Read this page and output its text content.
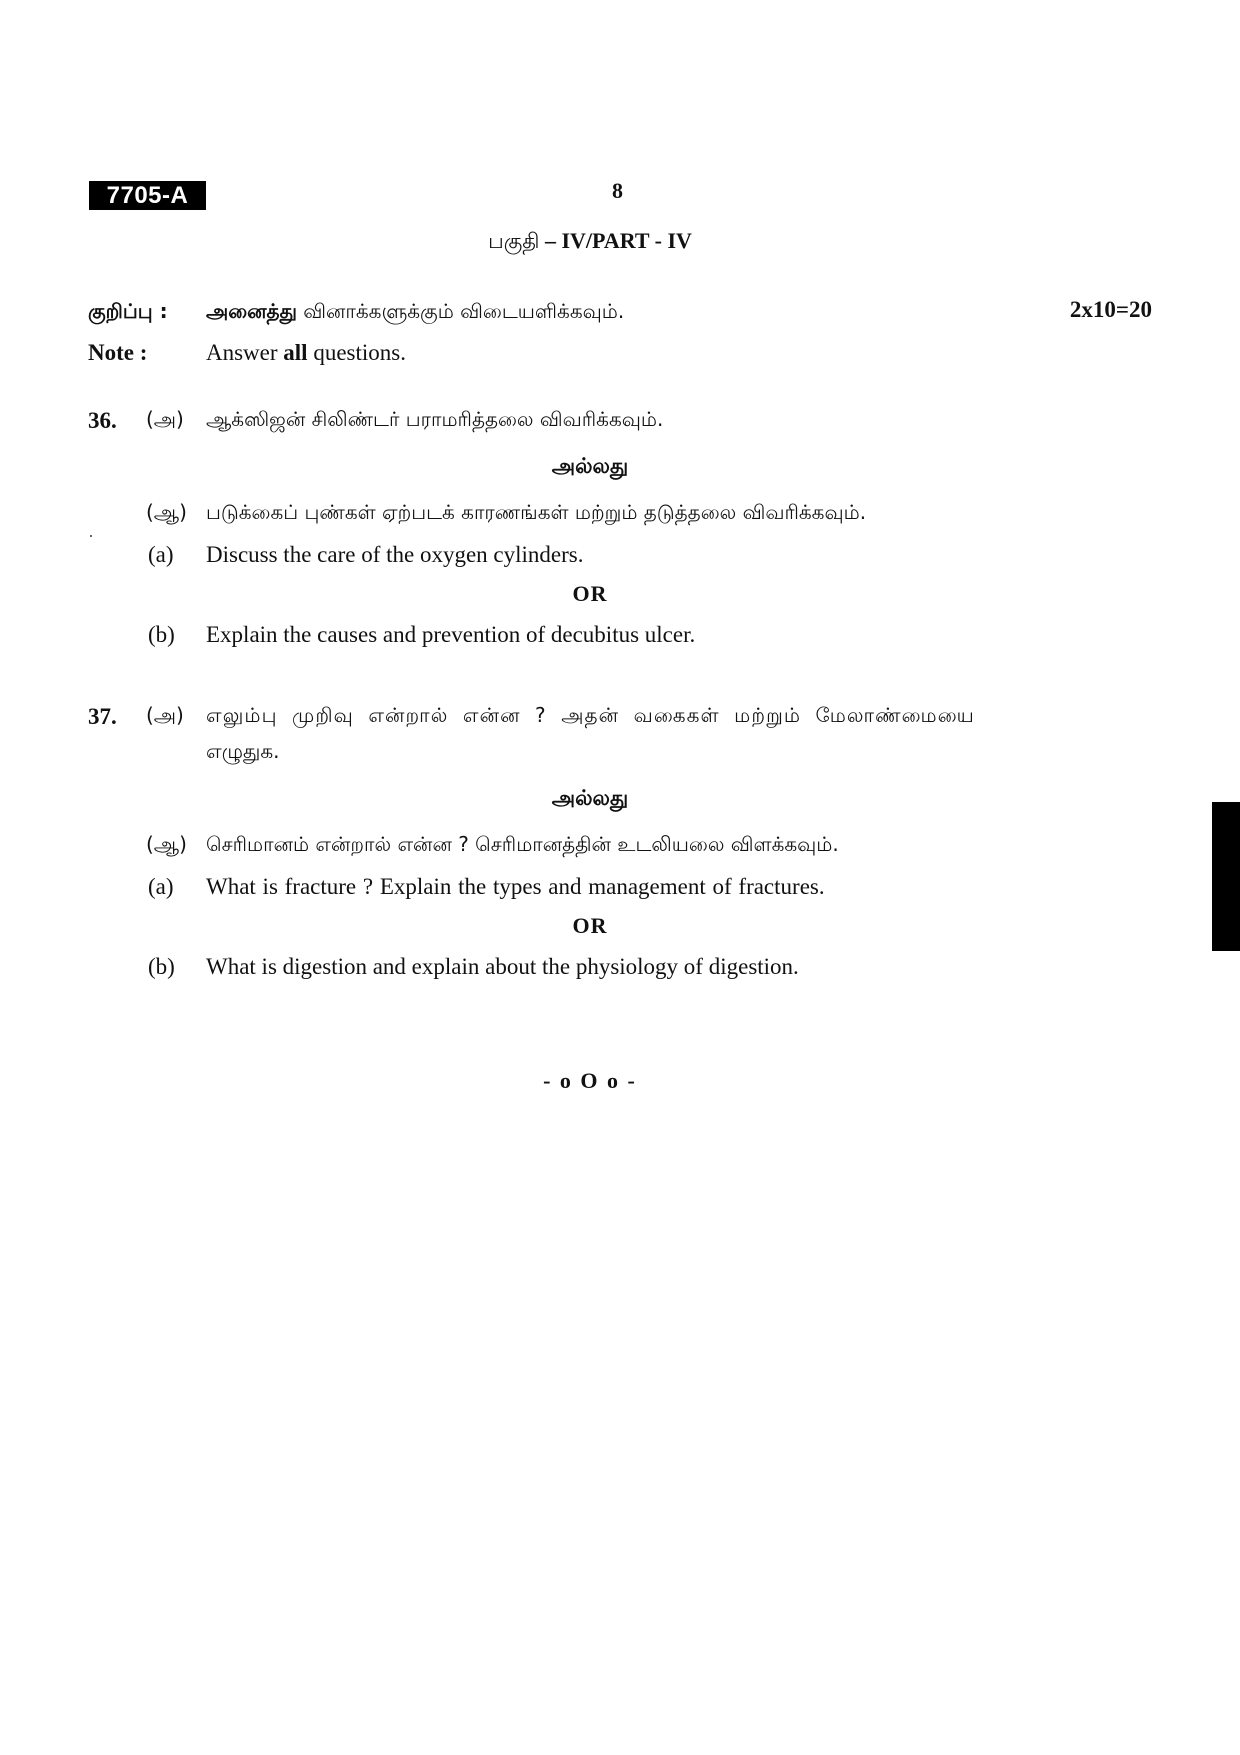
7705-A	8
பகுதி – IV/PART - IV
குறிப்பு : அனைத்து வினாக்களுக்கும் விடையளிக்கவும்.	2x10=20
Note :	Answer all questions.
36. (அ) ஆக்ஸிஜன் சிலிண்டர் பராமரித்தலை விவரிக்கவும்.
அல்லது
(ஆ) படுக்கைப் புண்கள் ஏற்படக் காரணங்கள் மற்றும் தடுத்தலை விவரிக்கவும்.
(a) Discuss the care of the oxygen cylinders.
OR
(b) Explain the causes and prevention of decubitus ulcer.
37. (அ) எலும்பு முறிவு என்றால் என்ன ? அதன் வகைகள் மற்றும் மேலாண்மையை
எழுதுக.
அல்லது
(ஆ) செரிமானம் என்றால் என்ன ? செரிமானத்தின் உடலியலை விளக்கவும்.
(a) What is fracture ? Explain the types and management of fractures.
OR
(b) What is digestion and explain about the physiology of digestion.
- o O o -
